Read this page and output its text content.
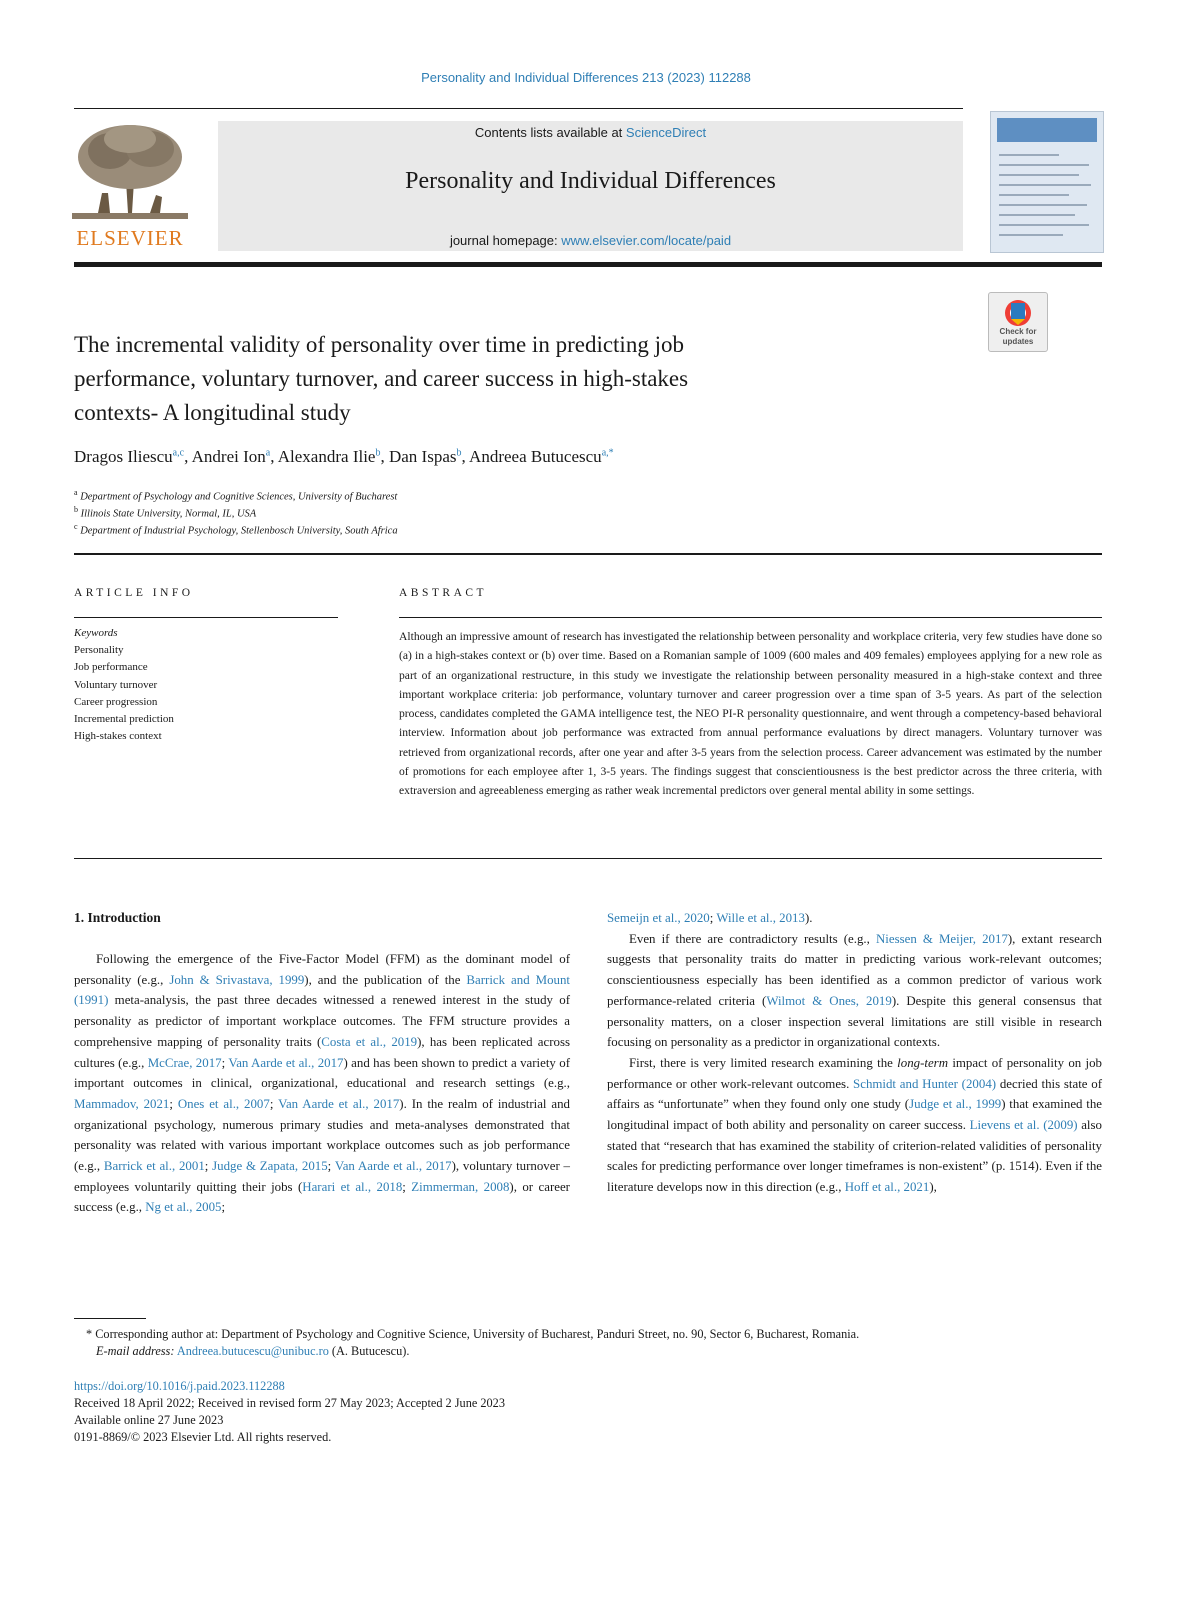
Personality and Individual Differences 213 (2023) 112288
ELSEVIER
Contents lists available at ScienceDirect
Personality and Individual Differences
journal homepage: www.elsevier.com/locate/paid
Check for
updates
The incremental validity of personality over time in predicting job
performance, voluntary turnover, and career success in high-stakes
contexts- A longitudinal study
Dragos Iliescu$^{a,c}$, Andrei Ion$^a$, Alexandra Ilie$^b$, Dan Ispas$^b$, Andreea Butucescu$^{a,*}$
$^a$ Department of Psychology and Cognitive Sciences, University of Bucharest
$^b$ Illinois State University, Normal, IL, USA
$^c$ Department of Industrial Psychology, Stellenbosch University, South Africa
ARTICLE INFO
Keywords
Personality
Job performance
Voluntary turnover
Career progression
Incremental prediction
High-stakes context
ABSTRACT
Although an impressive amount of research has investigated the relationship between personality and workplace criteria, very few studies have done so (a) in a high-stakes context or (b) over time. Based on a Romanian sample of 1009 (600 males and 409 females) employees applying for a new role as part of an organizational restructure, in this study we investigate the relationship between personality measured in a high-stake context and three important workplace criteria: job performance, voluntary turnover and career progression over a time span of 3-5 years. As part of the selection process, candidates completed the GAMA intelligence test, the NEO PI-R personality questionnaire, and went through a competency-based behavioral interview. Information about job performance was extracted from annual performance evaluations by direct managers. Voluntary turnover was retrieved from organizational records, after one year and after 3-5 years from the selection process. Career advancement was estimated by the number of promotions for each employee after 1, 3-5 years. The findings suggest that conscientiousness is the best predictor across the three criteria, with extraversion and agreeableness emerging as rather weak incremental predictors over general mental ability in some settings.
1. Introduction

Following the emergence of the Five-Factor Model (FFM) as the dominant model of personality (e.g., John & Srivastava, 1999), and the publication of the Barrick and Mount (1991) meta-analysis, the past three decades witnessed a renewed interest in the study of personality as predictor of important workplace outcomes. The FFM structure provides a comprehensive mapping of personality traits (Costa et al., 2019), has been replicated across cultures (e.g., McCrae, 2017; Van Aarde et al., 2017) and has been shown to predict a variety of important outcomes in clinical, organizational, educational and research settings (e.g., Mammadov, 2021; Ones et al., 2007; Van Aarde et al., 2017). In the realm of industrial and organizational psychology, numerous primary studies and meta-analyses demonstrated that personality was related with various important workplace outcomes such as job performance (e.g., Barrick et al., 2001; Judge & Zapata, 2015; Van Aarde et al., 2017), voluntary turnover – employees voluntarily quitting their jobs (Harari et al., 2018; Zimmerman, 2008), or career success (e.g., Ng et al., 2005;

Semeijn et al., 2020; Wille et al., 2013).

Even if there are contradictory results (e.g., Niessen & Meijer, 2017), extant research suggests that personality traits do matter in predicting various work-relevant outcomes; conscientiousness especially has been identified as a common predictor of various work performance-related criteria (Wilmot & Ones, 2019). Despite this general consensus that personality matters, on a closer inspection several limitations are still visible in research focusing on personality as a predictor in organizational contexts.

First, there is very limited research examining the long-term impact of personality on job performance or other work-relevant outcomes. Schmidt and Hunter (2004) decried this state of affairs as “unfortunate” when they found only one study (Judge et al., 1999) that examined the longitudinal impact of both ability and personality on career success. Lievens et al. (2009) also stated that “research that has examined the stability of criterion-related validities of personality scales for predicting performance over longer timeframes is non-existent” (p. 1514). Even if the literature develops now in this direction (e.g., Hoff et al., 2021),

* Corresponding author at: Department of Psychology and Cognitive Science, University of Bucharest, Panduri Street, no. 90, Sector 6, Bucharest, Romania.
E-mail address: Andreea.butucescu@unibuc.ro (A. Butucescu).
https://doi.org/10.1016/j.paid.2023.112288
Received 18 April 2022; Received in revised form 27 May 2023; Accepted 2 June 2023
Available online 27 June 2023
0191-8869/© 2023 Elsevier Ltd. All rights reserved.
